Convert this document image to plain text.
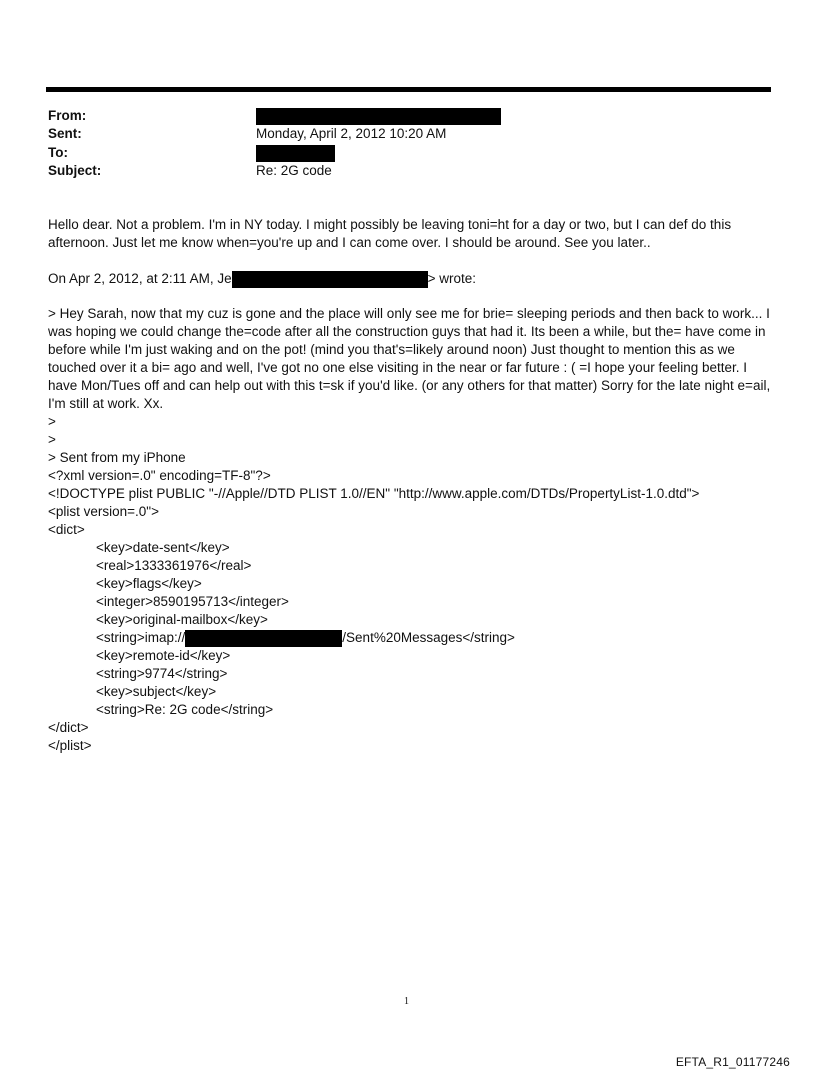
From:
Sent:
To:
Subject:
Monday, April 2, 2012 10:20 AM
Re: 2G code
Hello dear. Not a problem. I'm in NY today. I might possibly be leaving toni=ht for a day or two, but I can def do this afternoon. Just let me know when=you're up and I can come over. I should be around. See you later..
On Apr 2, 2012, at 2:11 AM, Je	> wrote:
> Hey Sarah, now that my cuz is gone and the place will only see me for brie= sleeping periods and then back to work... I was hoping we could change the=code after all the construction guys that had it. Its been a while, but the= have come in before while I'm just waking and on the pot! (mind you that's=likely around noon) Just thought to mention this as we touched over it a bi= ago and well, I've got no one else visiting in the near or far future : ( =I hope your feeling better. I have Mon/Tues off and can help out with this t=sk if you'd like. (or any others for that matter) Sorry for the late night e=ail, I'm still at work. Xx.
>
>
> Sent from my iPhone
<?xml version=.0" encoding=TF-8"?>
<!DOCTYPE plist PUBLIC "-//Apple//DTD PLIST 1.0//EN" "http://www.apple.com/DTDs/PropertyList-1.0.dtd">
<plist version=.0">
<dict>
<key>date-sent</key>
<real>1333361976</real>
<key>flags</key>
<integer>8590195713</integer>
<key>original-mailbox</key>
<string>imap://	/Sent%20Messages</string>
<key>remote-id</key>
<string>9774</string>
<key>subject</key>
<string>Re: 2G code</string>
</dict>
</plist>
1
EFTA_R1_01177246
